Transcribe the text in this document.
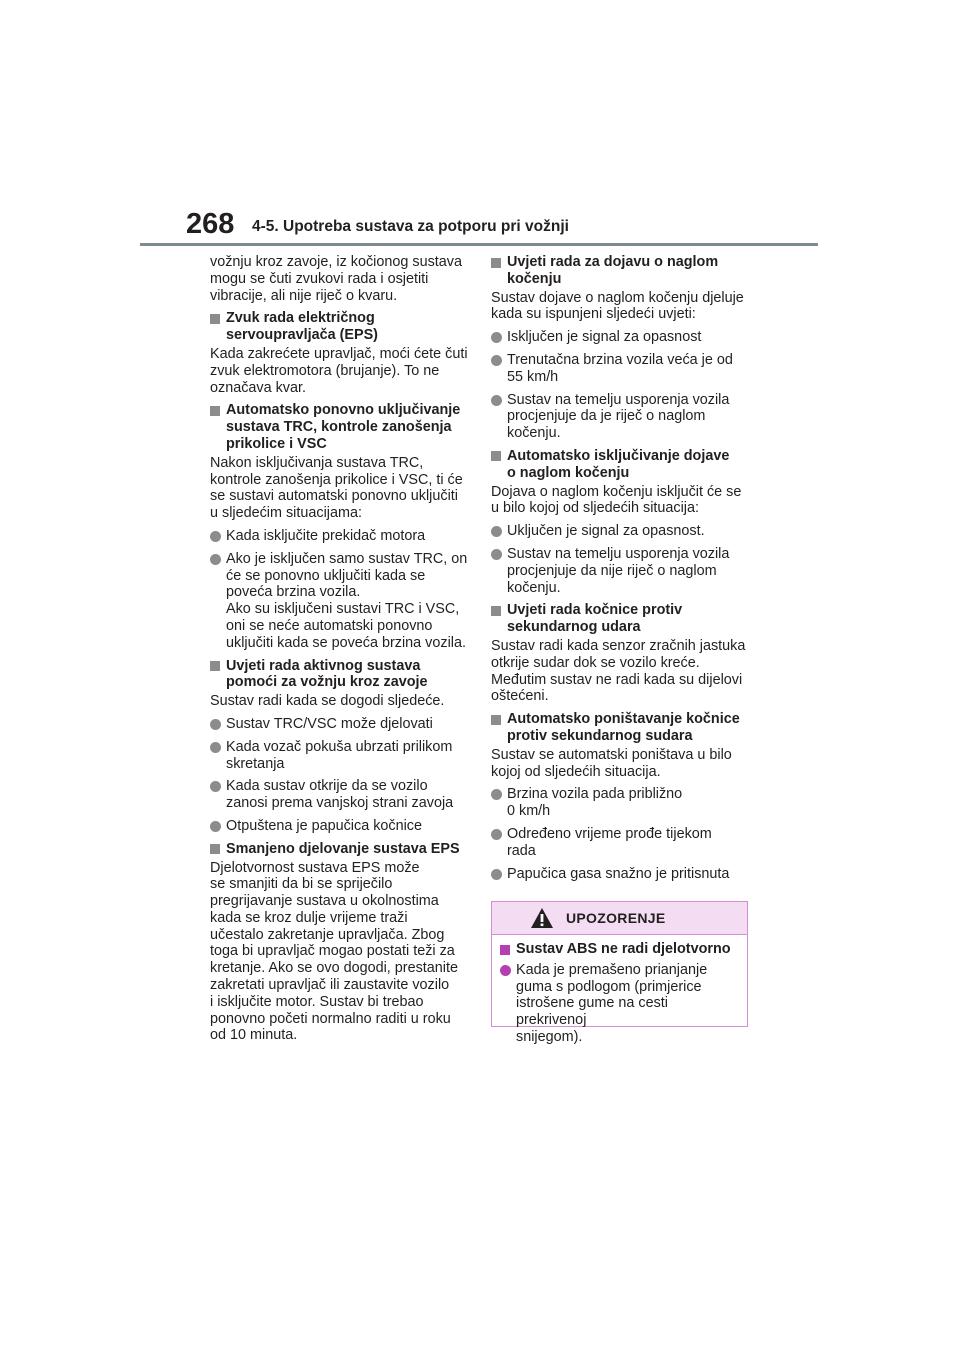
268 4-5. Upotreba sustava za potporu pri vožnji

vožnju kroz zavoje, iz kočionog sustava
mogu se čuti zvukovi rada i osjetiti
vibracije, ali nije riječ o kvaru.

Zvuk rada električnog
servoupravljača (EPS)

Kada zakrećete upravljač, moći ćete čuti
zvuk elektromotora (brujanje). To ne
označava kvar.

Automatsko ponovno uključivanje
sustava TRC, kontrole zanošenja
prikolice i VSC

Nakon isključivanja sustava TRC,
kontrole zanošenja prikolice i VSC, ti će
se sustavi automatski ponovno uključiti
u sljedećim situacijama:

Kada isključite prekidač motora
Ako je isključen samo sustav TRC, on
će se ponovno uključiti kada se
poveća brzina vozila.
Ako su isključeni sustavi TRC i VSC,
oni se neće automatski ponovno
uključiti kada se poveća brzina vozila.
Uvjeti rada aktivnog sustava
pomoći za vožnju kroz zavoje

Sustav radi kada se dogodi sljedeće.

Sustav TRC/VSC može djelovati
Kada vozač pokuša ubrzati prilikom
skretanja
Kada sustav otkrije da se vozilo
zanosi prema vanjskoj strani zavoja
Otpuštena je papučica kočnice
Smanjeno djelovanje sustava EPS

Djelotvornost sustava EPS može
se smanjiti da bi se spriječilo
pregrijavanje sustava u okolnostima
kada se kroz dulje vrijeme traži
učestalo zakretanje upravljača. Zbog
toga bi upravljač mogao postati teži za
kretanje. Ako se ovo dogodi, prestanite
zakretati upravljač ili zaustavite vozilo
i isključite motor. Sustav bi trebao
ponovno početi normalno raditi u roku
od 10 minuta.

Uvjeti rada za dojavu o naglom
kočenju

Sustav dojave o naglom kočenju djeluje
kada su ispunjeni sljedeći uvjeti:

Isključen je signal za opasnost
Trenutačna brzina vozila veća je od
55 km/h
Sustav na temelju usporenja vozila
procjenjuje da je riječ o naglom
kočenju.
Automatsko isključivanje dojave
o naglom kočenju

Dojava o naglom kočenju isključit će se
u bilo kojoj od sljedećih situacija:

Uključen je signal za opasnost.
Sustav na temelju usporenja vozila
procjenjuje da nije riječ o naglom
kočenju.
Uvjeti rada kočnice protiv
sekundarnog udara

Sustav radi kada senzor zračnih jastuka
otkrije sudar dok se vozilo kreće.
Međutim sustav ne radi kada su dijelovi
oštećeni.

Automatsko poništavanje kočnice
protiv sekundarnog sudara

Sustav se automatski poništava u bilo
kojoj od sljedećih situacija.

Brzina vozila pada približno
0 km/h
Određeno vrijeme prođe tijekom
rada
Papučica gasa snažno je pritisnuta
UPOZORENJE
Sustav ABS ne radi djelotvorno
Kada je premašeno prianjanje
guma s podlogom (primjerice
istrošene gume na cesti prekrivenoj
snijegom).
